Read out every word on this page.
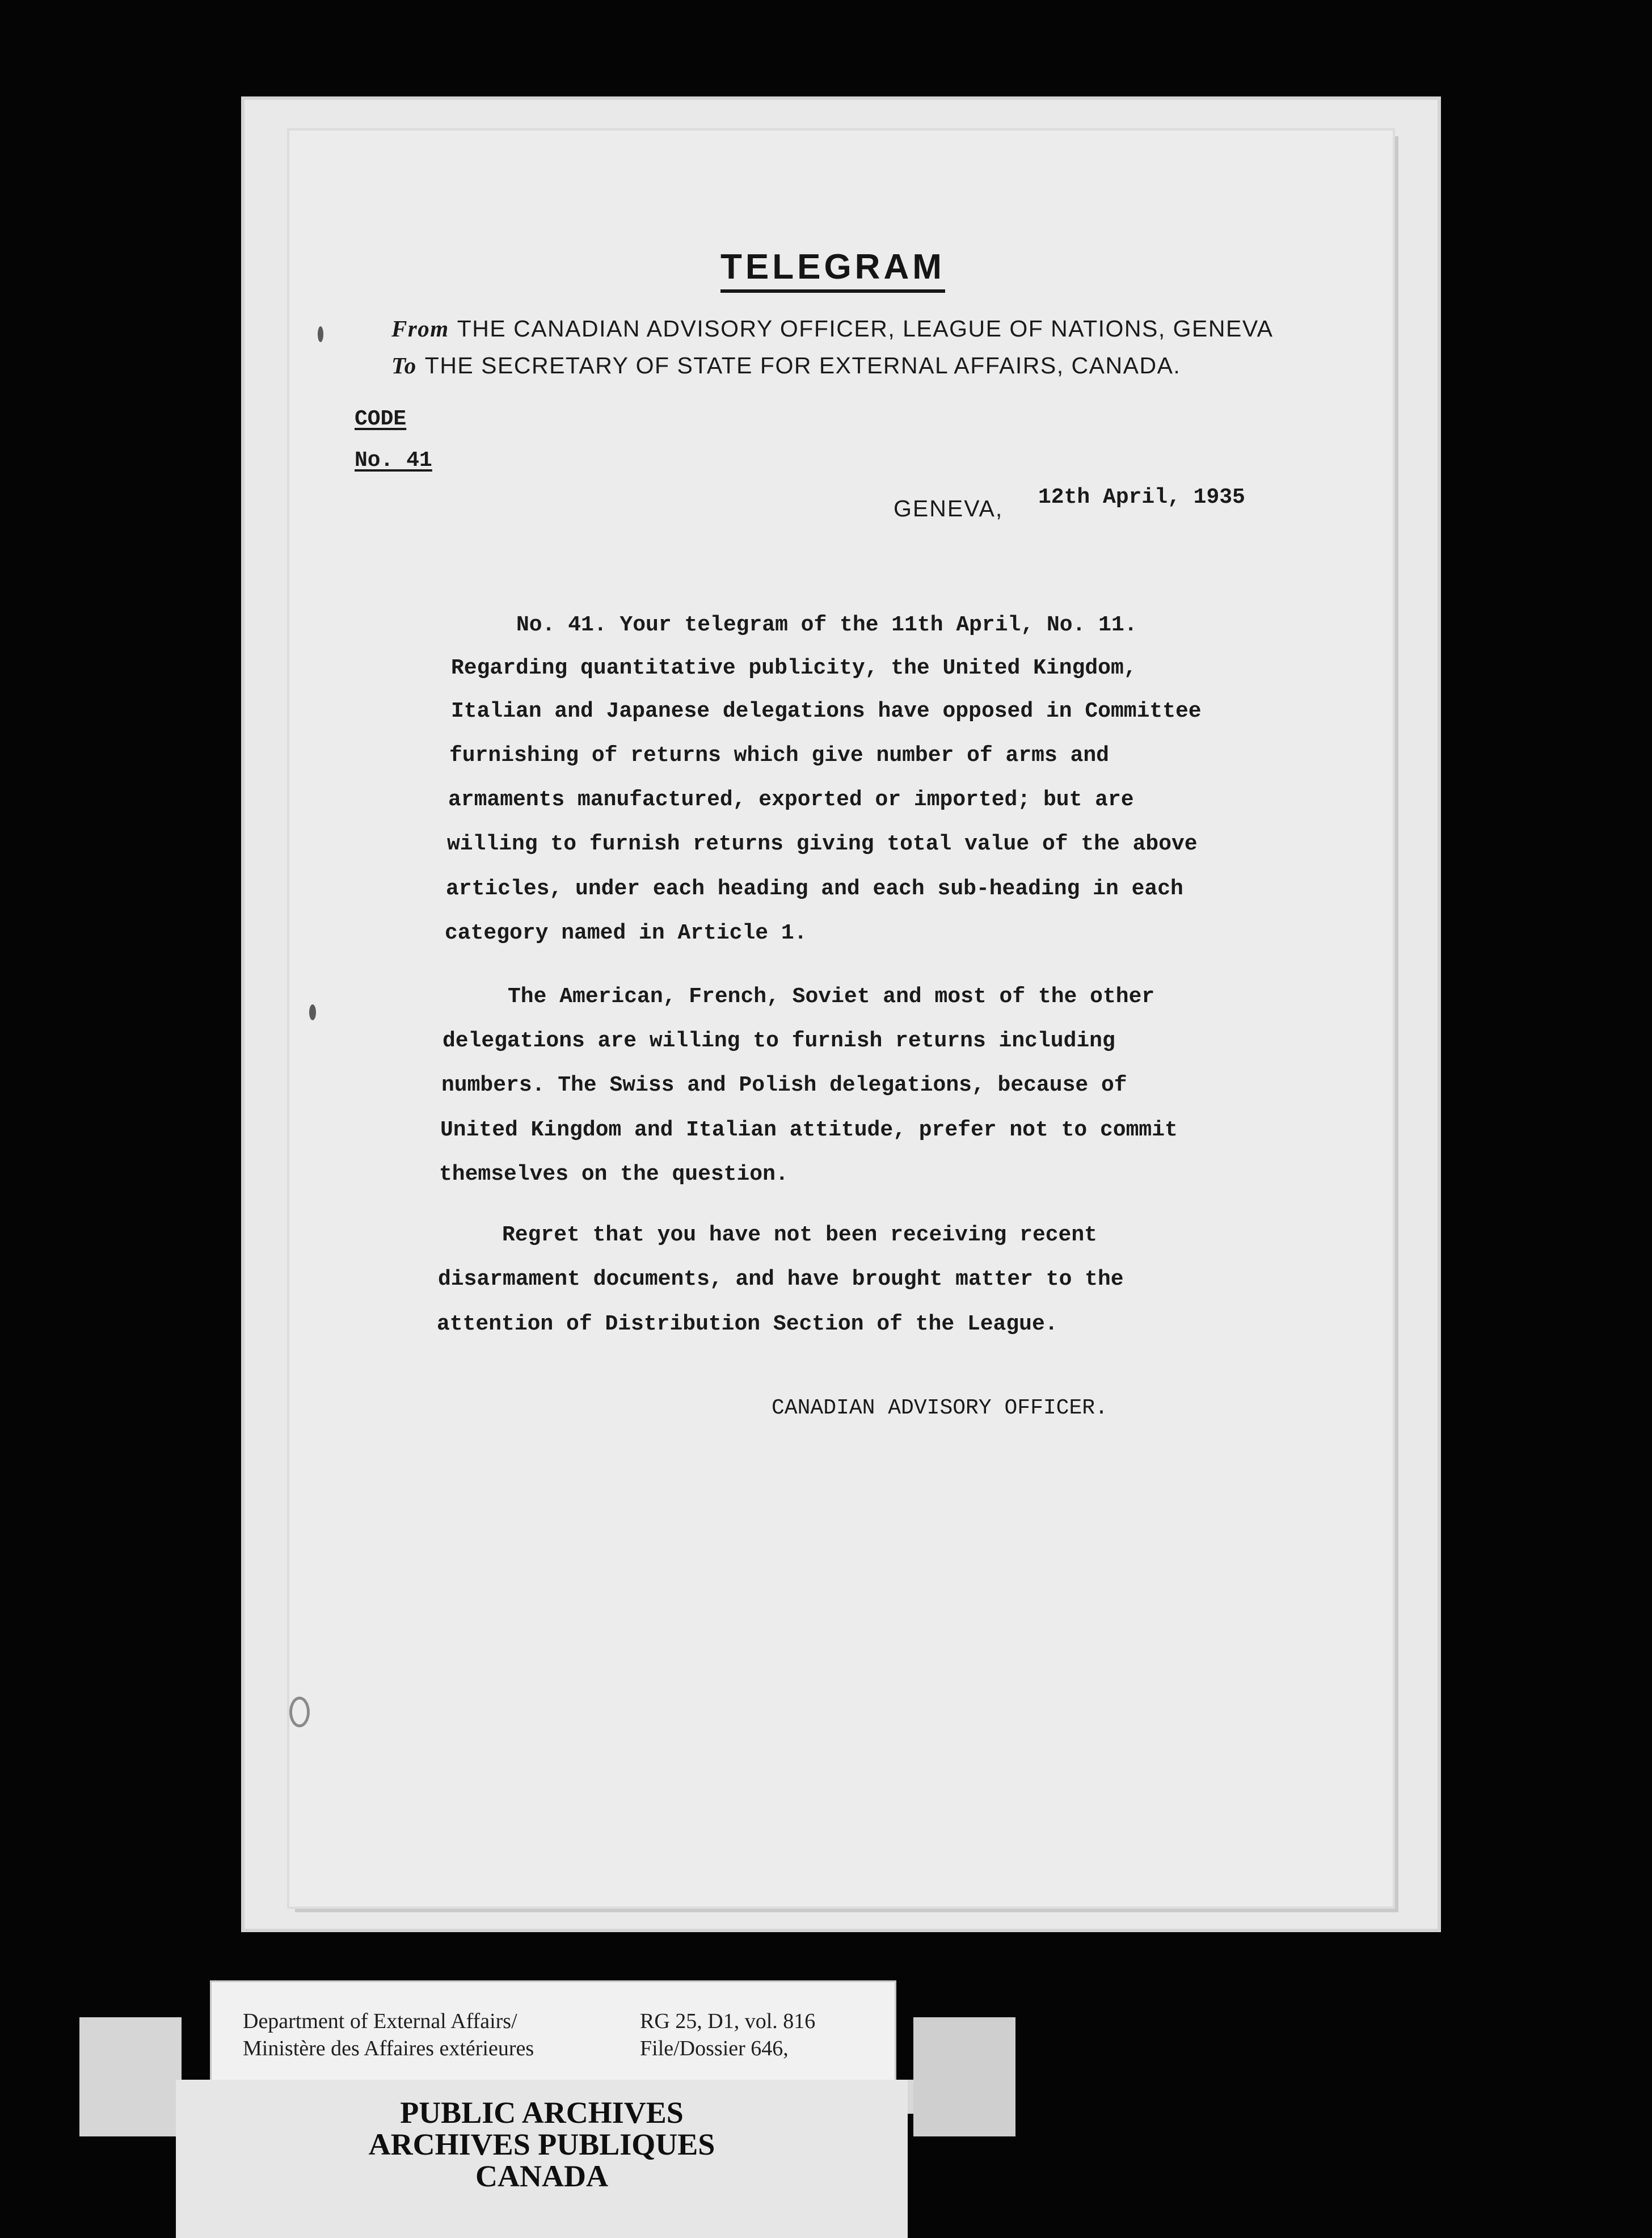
TELEGRAM
From THE CANADIAN ADVISORY OFFICER, LEAGUE OF NATIONS, GENEVA
To THE SECRETARY OF STATE FOR EXTERNAL AFFAIRS, CANADA.
CODE
No. 41
GENEVA, 12th April, 1935
No. 41. Your telegram of the 11th April, No. 11.
Regarding quantitative publicity, the United Kingdom,
Italian and Japanese delegations have opposed in Committee
furnishing of returns which give number of arms and
armaments manufactured, exported or imported; but are
willing to furnish returns giving total value of the above
articles, under each heading and each sub-heading in each
category named in Article 1.
The American, French, Soviet and most of the other
delegations are willing to furnish returns including
numbers. The Swiss and Polish delegations, because of
United Kingdom and Italian attitude, prefer not to commit
themselves on the question.
Regret that you have not been receiving recent
disarmament documents, and have brought matter to the
attention of Distribution Section of the League.
CANADIAN ADVISORY OFFICER.
Department of External Affairs/
Ministère des Affaires extérieures
RG 25, D1, vol. 816
File/Dossier 646,
PUBLIC ARCHIVES
ARCHIVES PUBLIQUES
CANADA
